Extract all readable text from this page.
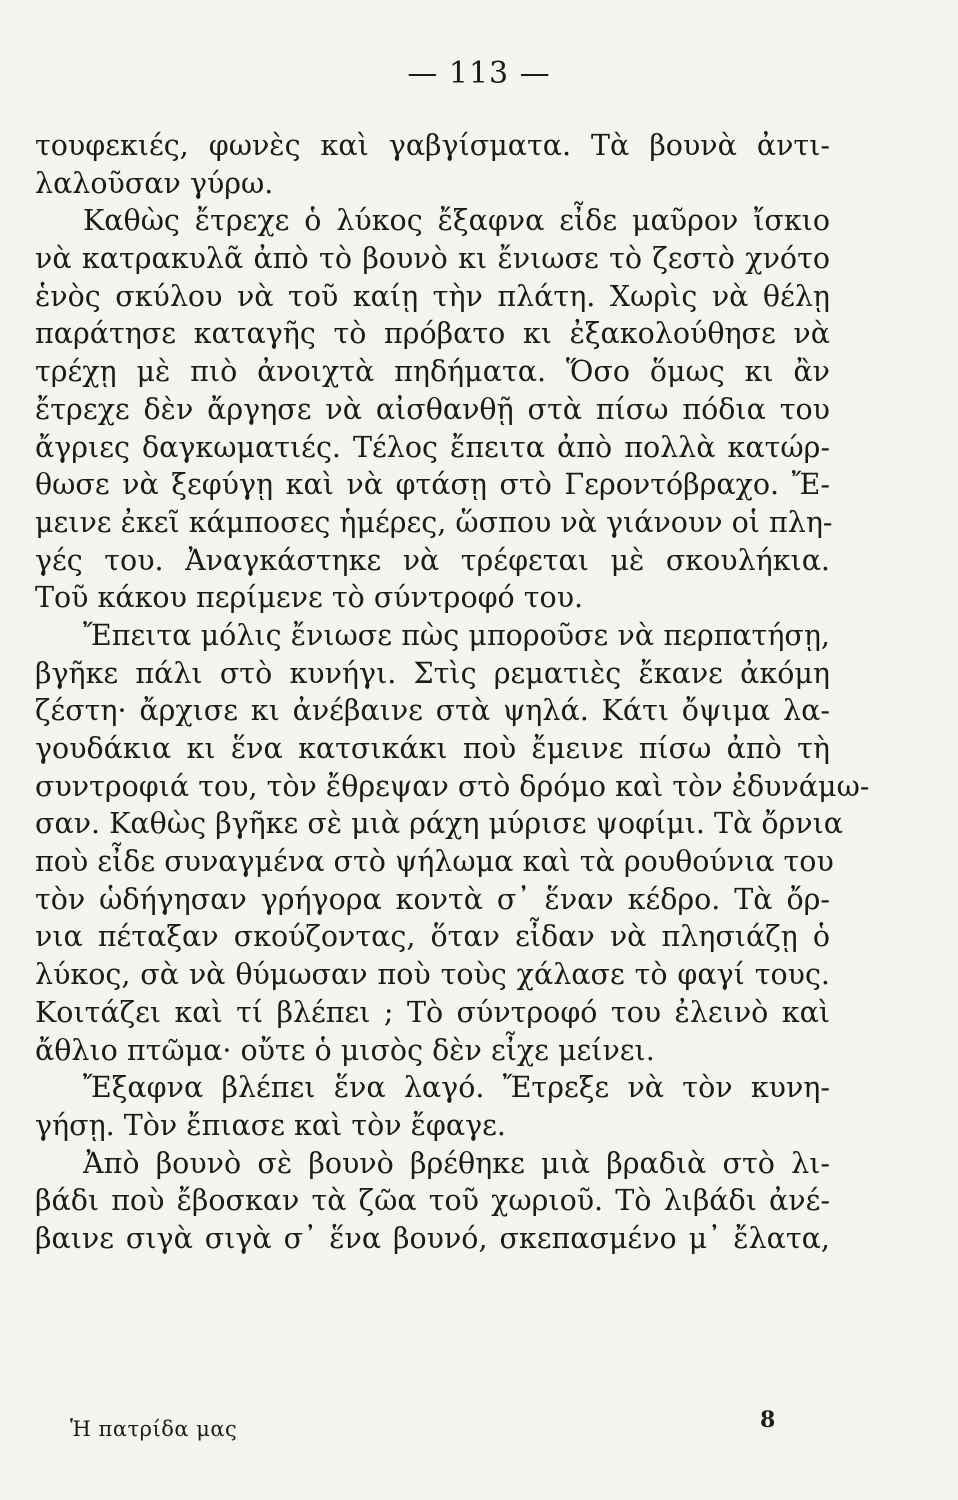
— 113 —
τουφεκιές, φωνὲς καὶ γαβγίσματα. Τὰ βουνὰ ἀντι-
λαλοῦσαν γύρω.
Καθὼς ἔτρεχε ὁ λύκος ἔξαφνα εἶδε μαῦρον ἴσκιο
νὰ κατρακυλᾶ ἀπὸ τὸ βουνὸ κι ἔνιωσε τὸ ζεστὸ χνότο
ἑνὸς σκύλου νὰ τοῦ καίῃ τὴν πλάτη. Χωρὶς νὰ θέλῃ
παράτησε καταγῆς τὸ πρόβατο κι ἐξακολούθησε νὰ
τρέχῃ μὲ πιὸ ἀνοιχτὰ πηδήματα. Ὅσο ὅμως κι ἂν
ἔτρεχε δὲν ἄργησε νὰ αἰσθανθῇ στὰ πίσω πόδια του
ἄγριες δαγκωματιές. Τέλος ἔπειτα ἀπὸ πολλὰ κατώρ-
θωσε νὰ ξεφύγῃ καὶ νὰ φτάσῃ στὸ Γεροντόβραχο. Ἔ-
μεινε ἐκεῖ κάμποσες ἡμέρες, ὥσπου νὰ γιάνουν οἱ πλη-
γές του. Ἀναγκάστηκε νὰ τρέφεται μὲ σκουλήκια.
Τοῦ κάκου περίμενε τὸ σύντροφό του.
Ἔπειτα μόλις ἔνιωσε πὼς μποροῦσε νὰ περπατήσῃ,
βγῆκε πάλι στὸ κυνήγι. Στὶς ρεματιὲς ἔκανε ἀκόμη
ζέστη· ἄρχισε κι ἀνέβαινε στὰ ψηλά. Κάτι ὄψιμα λα-
γουδάκια κι ἕνα κατσικάκι ποὺ ἔμεινε πίσω ἀπὸ τὴ
συντροφιά του, τὸν ἔθρεψαν στὸ δρόμο καὶ τὸν ἐδυνάμω-
σαν. Καθὼς βγῆκε σὲ μιὰ ράχη μύρισε ψοφίμι. Τὰ ὄρνια
ποὺ εἶδε συναγμένα στὸ ψήλωμα καὶ τὰ ρουθούνια του
τὸν ὡδήγησαν γρήγορα κοντὰ σ᾽ ἕναν κέδρο. Τὰ ὄρ-
νια πέταξαν σκούζοντας, ὅταν εἶδαν νὰ πλησιάζῃ ὁ
λύκος, σὰ νὰ θύμωσαν ποὺ τοὺς χάλασε τὸ φαγί τους.
Κοιτάζει καὶ τί βλέπει ; Τὸ σύντροφό του ἐλεινὸ καὶ
ἄθλιο πτῶμα· οὔτε ὁ μισὸς δὲν εἶχε μείνει.
Ἔξαφνα βλέπει ἕνα λαγό. Ἔτρεξε νὰ τὸν κυνη-
γήσῃ. Τὸν ἔπιασε καὶ τὸν ἔφαγε.
Ἀπὸ βουνὸ σὲ βουνὸ βρέθηκε μιὰ βραδιὰ στὸ λι-
βάδι ποὺ ἔβοσκαν τὰ ζῶα τοῦ χωριοῦ. Τὸ λιβάδι ἀνέ-
βαινε σιγὰ σιγὰ σ᾽ ἕνα βουνό, σκεπασμένο μ᾽ ἔλατα,
Ἡ πατρίδα μας	8
